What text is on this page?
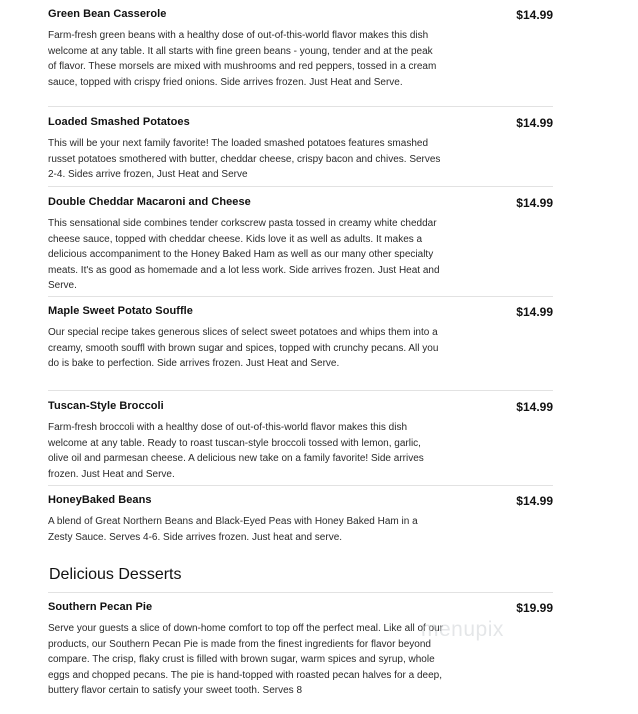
Green Bean Casserole	$14.99
Farm-fresh green beans with a healthy dose of out-of-this-world flavor makes this dish welcome at any table. It all starts with fine green beans - young, tender and at the peak of flavor. These morsels are mixed with mushrooms and red peppers, tossed in a cream sauce, topped with crispy fried onions. Side arrives frozen. Just Heat and Serve.
Loaded Smashed Potatoes	$14.99
This will be your next family favorite! The loaded smashed potatoes features smashed russet potatoes smothered with butter, cheddar cheese, crispy bacon and chives. Serves 2-4. Sides arrive frozen, Just Heat and Serve
Double Cheddar Macaroni and Cheese	$14.99
This sensational side combines tender corkscrew pasta tossed in creamy white cheddar cheese sauce, topped with cheddar cheese. Kids love it as well as adults. It makes a delicious accompaniment to the Honey Baked Ham as well as our many other specialty meats. It's as good as homemade and a lot less work. Side arrives frozen. Just Heat and Serve.
Maple Sweet Potato Souffle	$14.99
Our special recipe takes generous slices of select sweet potatoes and whips them into a creamy, smooth souffl with brown sugar and spices, topped with crunchy pecans. All you do is bake to perfection. Side arrives frozen. Just Heat and Serve.
Tuscan-Style Broccoli	$14.99
Farm-fresh broccoli with a healthy dose of out-of-this-world flavor makes this dish welcome at any table. Ready to roast tuscan-style broccoli tossed with lemon, garlic, olive oil and parmesan cheese. A delicious new take on a family favorite! Side arrives frozen. Just Heat and Serve.
HoneyBaked Beans	$14.99
A blend of Great Northern Beans and Black-Eyed Peas with Honey Baked Ham in a Zesty Sauce. Serves 4-6. Side arrives frozen. Just heat and serve.
Delicious Desserts
Southern Pecan Pie	$19.99
Serve your guests a slice of down-home comfort to top off the perfect meal. Like all of our products, our Southern Pecan Pie is made from the finest ingredients for flavor beyond compare. The crisp, flaky crust is filled with brown sugar, warm spices and syrup, whole eggs and chopped pecans. The pie is hand-topped with roasted pecan halves for a deep, buttery flavor certain to satisfy your sweet tooth. Serves 8
menupix
